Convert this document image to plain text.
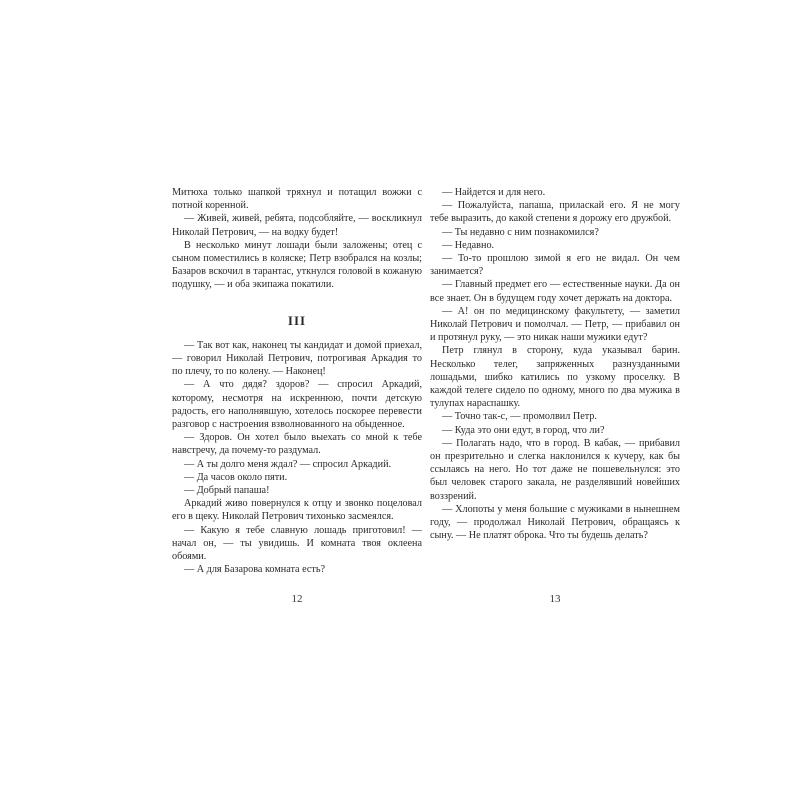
Митюха только шапкой тряхнул и потащил вожжи с потной коренной.

— Живей, живей, ребята, подсобляйте, — воскликнул Николай Петрович, — на водку будет!

В несколько минут лошади были заложены; отец с сыном поместились в коляске; Петр взобрался на козлы; Базаров вскочил в тарантас, уткнулся головой в кожаную подушку, — и оба экипажа покатили.

III

— Так вот как, наконец ты кандидат и домой приехал, — говорил Николай Петрович, потрогивая Аркадия то по плечу, то по колену. — Наконец!

— А что дядя? здоров? — спросил Аркадий, которому, несмотря на искреннюю, почти детскую радость, его наполнявшую, хотелось поскорее перевести разговор с настроения взволнованного на обыденное.

— Здоров. Он хотел было выехать со мной к тебе навстречу, да почему-то раздумал.

— А ты долго меня ждал? — спросил Аркадий.

— Да часов около пяти.

— Добрый папаша!

Аркадий живо повернулся к отцу и звонко поцеловал его в щеку. Николай Петрович тихонько засмеялся.

— Какую я тебе славную лошадь приготовил! — начал он, — ты увидишь. И комната твоя оклеена обоями.

— А для Базарова комната есть?

12

— Найдется и для него.

— Пожалуйста, папаша, приласкай его. Я не могу тебе выразить, до какой степени я дорожу его дружбой.

— Ты недавно с ним познакомился?

— Недавно.

— То-то прошлою зимой я его не видал. Он чем занимается?

— Главный предмет его — естественные науки. Да он все знает. Он в будущем году хочет держать на доктора.

— А! он по медицинскому факультету, — заметил Николай Петрович и помолчал. — Петр, — прибавил он и протянул руку, — это никак наши мужики едут?

Петр глянул в сторону, куда указывал барин. Несколько телег, запряженных разнузданными лошадьми, шибко катились по узкому проселку. В каждой телеге сидело по одному, много по два мужика в тулупах нараспашку.

— Точно так-с, — промолвил Петр.

— Куда это они едут, в город, что ли?

— Полагать надо, что в город. В кабак, — прибавил он презрительно и слегка наклонился к кучеру, как бы ссылаясь на него. Но тот даже не пошевельнулся: это был человек старого закала, не разделявший новейших воззрений.

— Хлопоты у меня большие с мужиками в нынешнем году, — продолжал Николай Петрович, обращаясь к сыну. — Не платят оброка. Что ты будешь делать?

13
